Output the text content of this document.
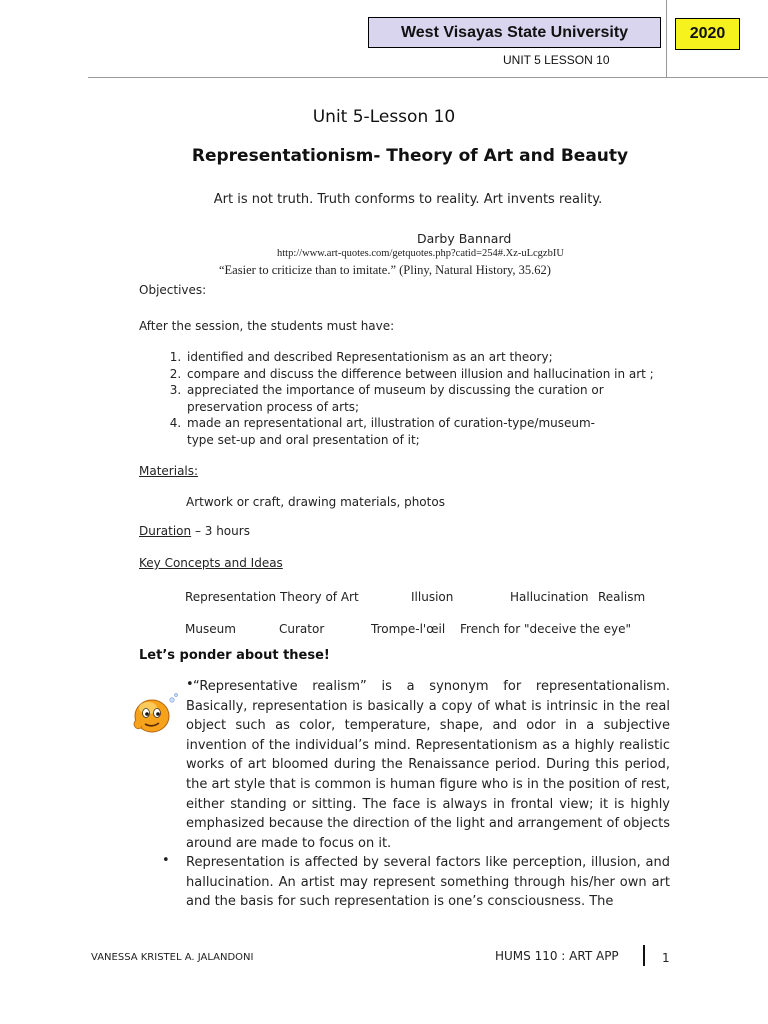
West Visayas State University	2020
UNIT 5 LESSON 10
Unit 5-Lesson 10
Representationism- Theory of Art and Beauty
Art is not truth. Truth conforms to reality. Art invents reality.
Darby Bannard
http://www.art-quotes.com/getquotes.php?catid=254#.Xz-uLcgzbIU
“Easier to criticize than to imitate.” (Pliny, Natural History, 35.62)
Objectives:
After the session, the students must have:
1. identified and described Representationism as an art theory;
2. compare and discuss the difference between illusion and hallucination in art ;
3. appreciated the importance of museum by discussing the curation or preservation process of arts;
4. made an representational art, illustration of curation-type/museum-type set-up and oral presentation of it;
Materials:
Artwork or craft, drawing materials, photos
Duration – 3 hours
Key Concepts and Ideas
Representation Theory of Art	Illusion	Hallucination Realism
Museum	Curator	Trompe-l'œil French for "deceive the eye"
Let’s ponder about these!
• “Representative realism” is a synonym for representationalism. Basically, representation is basically a copy of what is intrinsic in the real object such as color, temperature, shape, and odor in a subjective invention of the individual’s mind. Representationism as a highly realistic works of art bloomed during the Renaissance period. During this period, the art style that is common is human figure who is in the position of rest, either standing or sitting. The face is always in frontal view; it is highly emphasized because the direction of the light and arrangement of objects around are made to focus on it.
• Representation is affected by several factors like perception, illusion, and hallucination. An artist may represent something through his/her own art and the basis for such representation is one’s consciousness. The
VANESSA KRISTEL A. JALANDONI	HUMS 110 : ART APP	1
